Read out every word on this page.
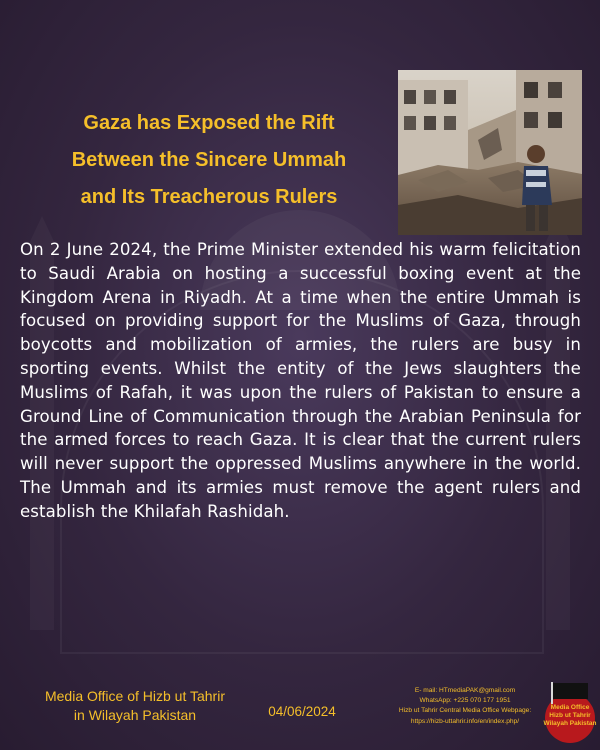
Gaza has Exposed the Rift
Between the Sincere Ummah
and Its Treacherous Rulers
On 2 June 2024, the Prime Minister extended his warm felicitation to Saudi Arabia on hosting a successful boxing event at the Kingdom Arena in Riyadh. At a time when the entire Ummah is focused on providing support for the Muslims of Gaza, through boycotts and mobilization of armies, the rulers are busy in sporting events. Whilst the entity of the Jews slaughters the Muslims of Rafah, it was upon the rulers of Pakistan to ensure a Ground Line of Communication through the Arabian Peninsula for the armed forces to reach Gaza. It is clear that the current rulers will never support the oppressed Muslims anywhere in the world. The Ummah and its armies must remove the agent rulers and establish the Khilafah Rashidah.
Media Office of Hizb ut Tahrir
in Wilayah Pakistan	04/06/2024
E- mail: HTmediaPAK@gmail.com
WhatsApp: +225 070 177 1951
Hizb ut Tahrir Central Media Office Webpage:
https://hizb-uttahrir.info/en/index.php/
Media Office
Hizb ut Tahrir
Wilayah Pakistan
